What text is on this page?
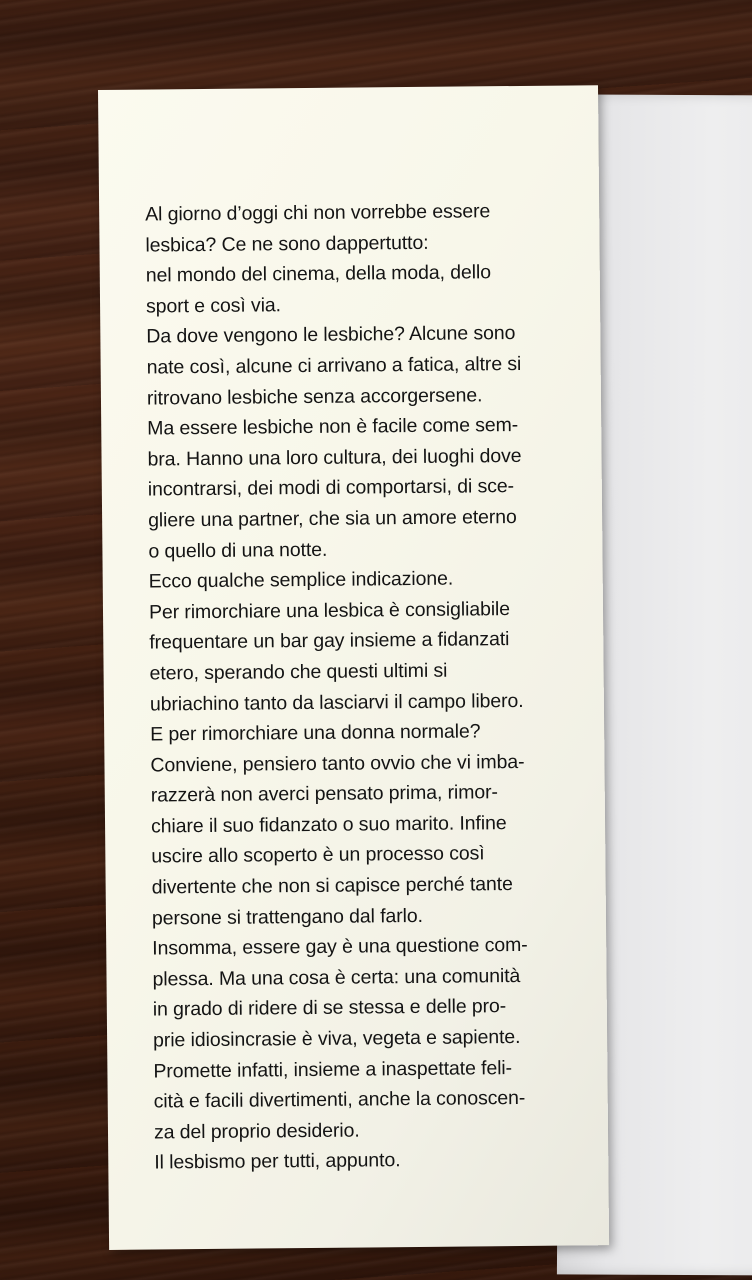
Al giorno d’oggi chi non vorrebbe essere
lesbica? Ce ne sono dappertutto:
nel mondo del cinema, della moda, dello
sport e così via.
Da dove vengono le lesbiche? Alcune sono
nate così, alcune ci arrivano a fatica, altre si
ritrovano lesbiche senza accorgersene.
Ma essere lesbiche non è facile come sem-
bra. Hanno una loro cultura, dei luoghi dove
incontrarsi, dei modi di comportarsi, di sce-
gliere una partner, che sia un amore eterno
o quello di una notte.
Ecco qualche semplice indicazione.
Per rimorchiare una lesbica è consigliabile
frequentare un bar gay insieme a fidanzati
etero, sperando che questi ultimi si
ubriachino tanto da lasciarvi il campo libero.
E per rimorchiare una donna normale?
Conviene, pensiero tanto ovvio che vi imba-
razzerà non averci pensato prima, rimor-
chiare il suo fidanzato o suo marito. Infine
uscire allo scoperto è un processo così
divertente che non si capisce perché tante
persone si trattengano dal farlo.
Insomma, essere gay è una questione com-
plessa. Ma una cosa è certa: una comunità
in grado di ridere di se stessa e delle pro-
prie idiosincrasie è viva, vegeta e sapiente.
Promette infatti, insieme a inaspettate feli-
cità e facili divertimenti, anche la conoscen-
za del proprio desiderio.
Il lesbismo per tutti, appunto.
